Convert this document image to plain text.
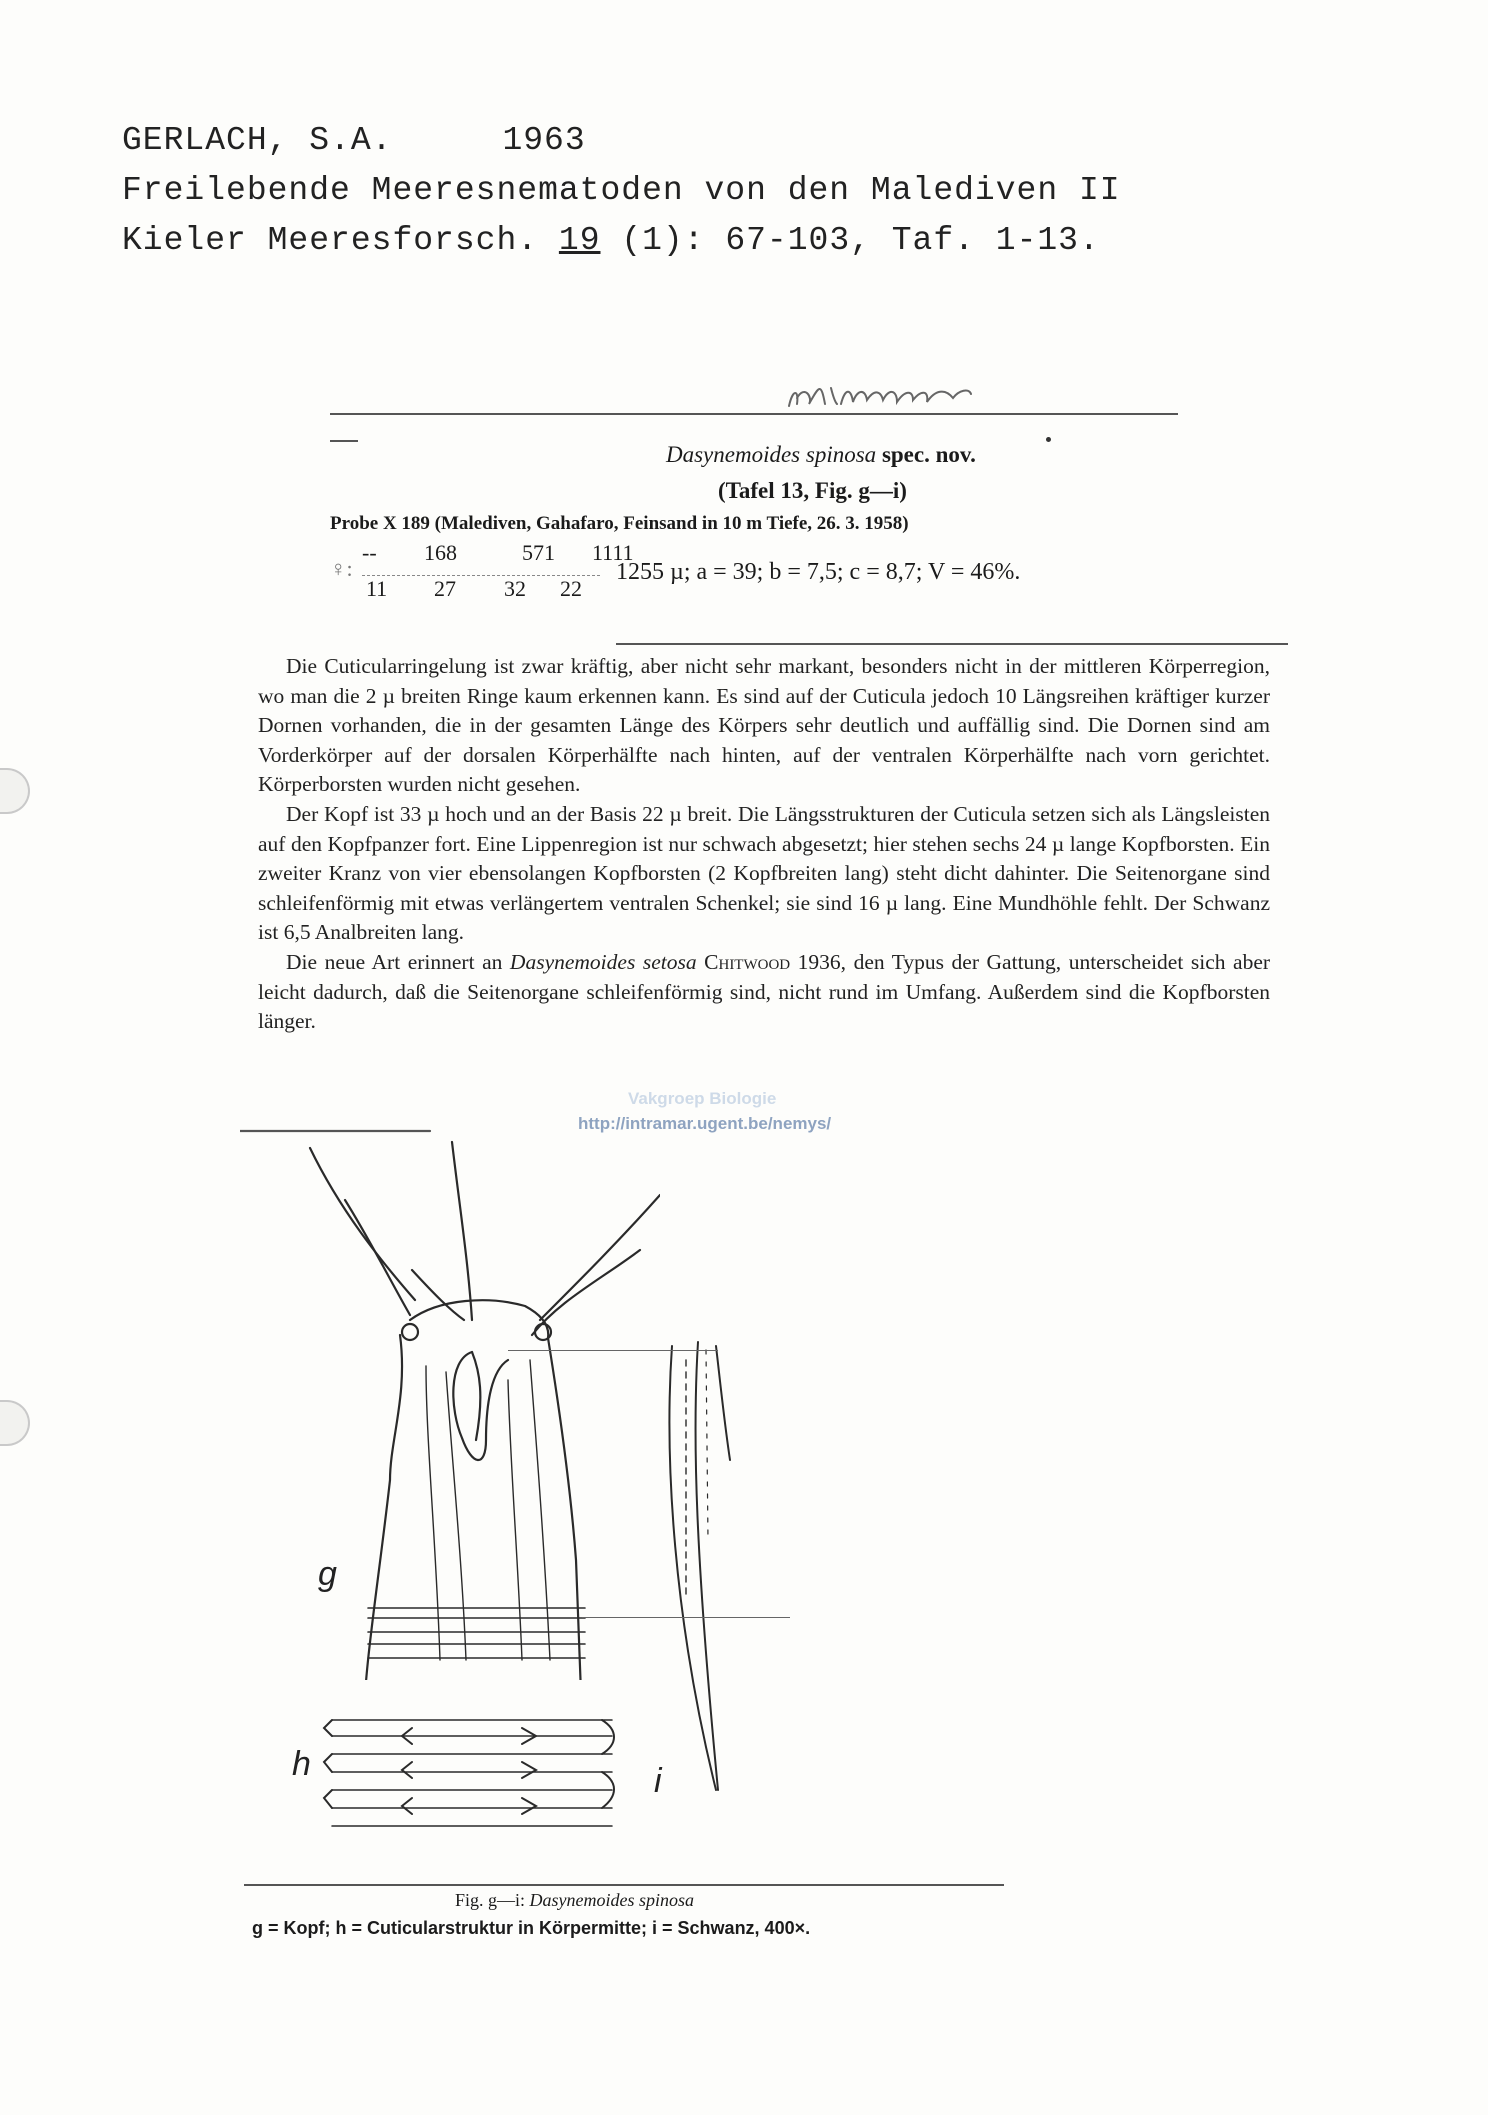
GERLACH, S.A.	1963
Freilebende Meeresnematoden von den Malediven II
Kieler Meeresforsch. 19 (1): 67-103, Taf. 1-13.
spinosus
Dasynemoides spinosa spec. nov.
(Tafel 13, Fig. g—i)
Probe X 189 (Malediven, Gahafaro, Feinsand in 10 m Tiefe, 26. 3. 1958)
♀:
-- 168	571 1111
11 27 32 22
1255 µ; a = 39; b = 7,5; c = 8,7; V = 46%.

Die Cuticularringelung ist zwar kräftig, aber nicht sehr markant, besonders nicht in der mittleren Körperregion, wo man die 2 µ breiten Ringe kaum erkennen kann. Es sind auf der Cuticula jedoch 10 Längsreihen kräftiger kurzer Dornen vorhanden, die in der gesamten Länge des Körpers sehr deutlich und auffällig sind. Die Dornen sind am Vorderkörper auf der dorsalen Körperhälfte nach hinten, auf der ventralen Körperhälfte nach vorn gerichtet. Körperborsten wurden nicht gesehen.

Der Kopf ist 33 µ hoch und an der Basis 22 µ breit. Die Längsstrukturen der Cuticula setzen sich als Längsleisten auf den Kopfpanzer fort. Eine Lippenregion ist nur schwach abgesetzt; hier stehen sechs 24 µ lange Kopfborsten. Ein zweiter Kranz von vier ebensolangen Kopfborsten (2 Kopfbreiten lang) steht dicht dahinter. Die Seitenorgane sind schleifenförmig mit etwas verlängertem ventralen Schenkel; sie sind 16 µ lang. Eine Mundhöhle fehlt. Der Schwanz ist 6,5 Analbreiten lang.

Die neue Art erinnert an Dasynemoides setosa Chitwood 1936, den Typus der Gattung, unterscheidet sich aber leicht dadurch, daß die Seitenorgane schleifenförmig sind, nicht rund im Umfang. Außerdem sind die Kopfborsten länger.

Vakgroep Biologie
http://intramar.ugent.be/nemys/
g
h	i
Fig. g—i: Dasynemoides spinosa
g = Kopf; h = Cuticularstruktur in Körpermitte; i = Schwanz, 400×.
